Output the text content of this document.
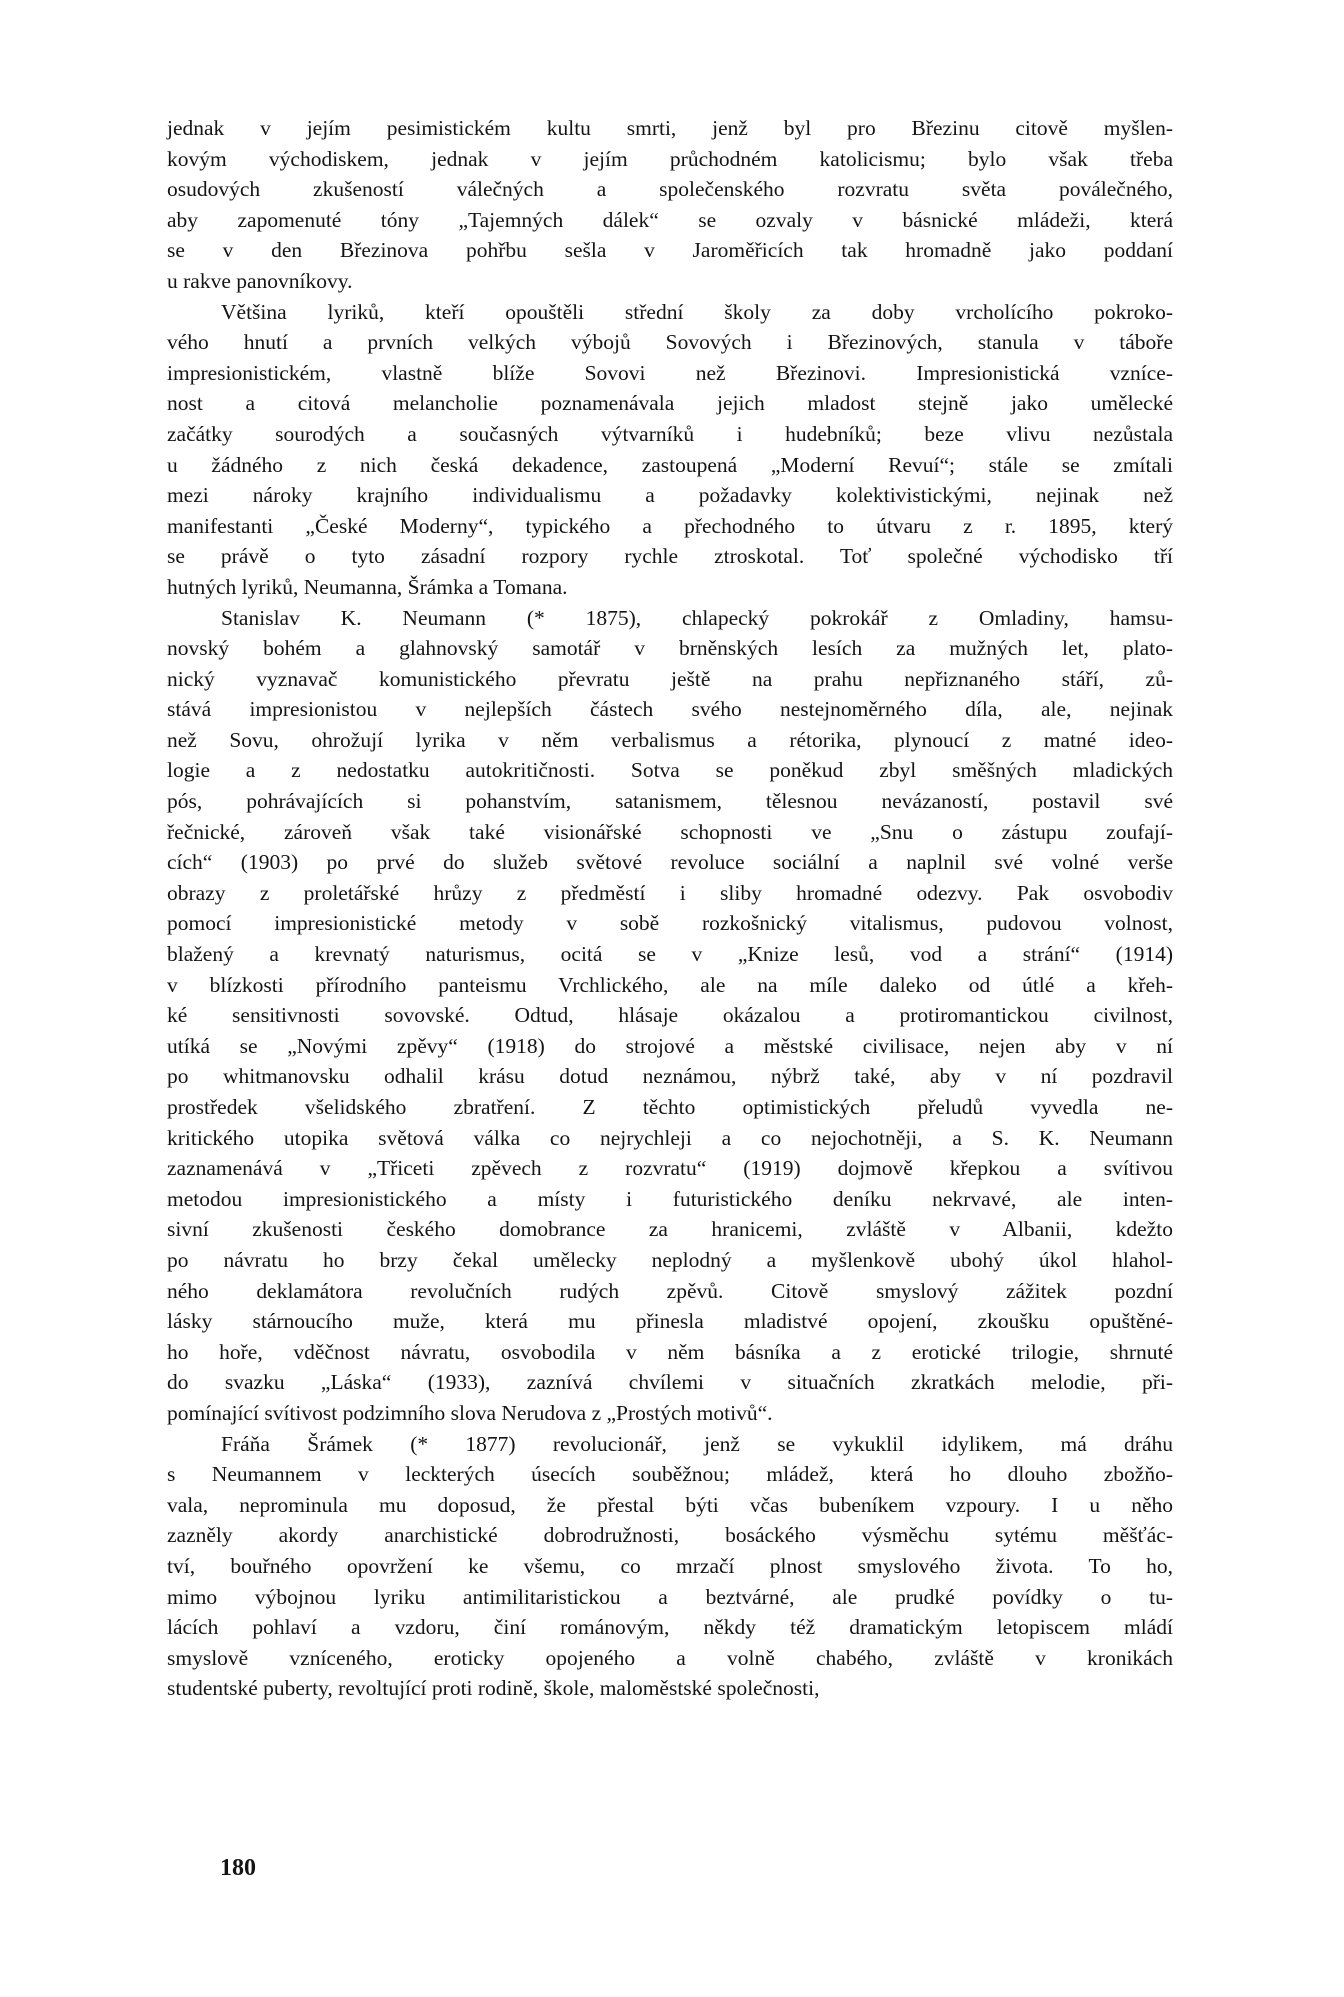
jednak v jejím pesimistickém kultu smrti, jenž byl pro Březinu citově myšlen-
kovým východiskem, jednak v jejím průchodném katolicismu; bylo však třeba
osudových zkušeností válečných a společenského rozvratu světa poválečného,
aby zapomenuté tóny „Tajemných dálek“ se ozvaly v básnické mládeži, která
se v den Březinova pohřbu sešla v Jaroměřicích tak hromadně jako poddaní
u rakve panovníkovy.
Většina lyriků, kteří opouštěli střední školy za doby vrcholícího pokroko-
vého hnutí a prvních velkých výbojů Sovových i Březinových, stanula v táboře
impresionistickém, vlastně blíže Sovovi než Březinovi. Impresionistická vzníce-
nost a citová melancholie poznamenávala jejich mladost stejně jako umělecké
začátky sourodých a současných výtvarníků i hudebníků; beze vlivu nezůstala
u žádného z nich česká dekadence, zastoupená „Moderní Revuí“; stále se zmítali
mezi nároky krajního individualismu a požadavky kolektivistickými, nejinak než
manifestanti „České Moderny“, typického a přechodného to útvaru z r. 1895, který
se právě o tyto zásadní rozpory rychle ztroskotal. Toť společné východisko tří
hutných lyriků, Neumanna, Šrámka a Tomana.
Stanislav K. Neumann (* 1875), chlapecký pokrokář z Omladiny, hamsu-
novský bohém a glahnovský samotář v brněnských lesích za mužných let, plato-
nický vyznavač komunistického převratu ještě na prahu nepřiznaného stáří, zů-
stává impresionistou v nejlepších částech svého nestejnoměrného díla, ale, nejinak
než Sovu, ohrožují lyrika v něm verbalismus a rétorika, plynoucí z matné ideo-
logie a z nedostatku autokritičnosti. Sotva se poněkud zbyl směšných mladických
pós, pohrávajících si pohanstvím, satanismem, tělesnou nevázaností, postavil své
řečnické, zároveň však také visionářské schopnosti ve „Snu o zástupu zoufají-
cích“ (1903) po prvé do služeb světové revoluce sociální a naplnil své volné verše
obrazy z proletářské hrůzy z předměstí i sliby hromadné odezvy. Pak osvobodiv
pomocí impresionistické metody v sobě rozkošnický vitalismus, pudovou volnost,
blažený a krevnatý naturismus, ocitá se v „Knize lesů, vod a strání“ (1914)
v blízkosti přírodního panteismu Vrchlického, ale na míle daleko od útlé a křeh-
ké sensitivnosti sovovské. Odtud, hlásaje okázalou a protiromantickou civilnost,
utíká se „Novými zpěvy“ (1918) do strojové a městské civilisace, nejen aby v ní
po whitmanovsku odhalil krásu dotud neznámou, nýbrž také, aby v ní pozdravil
prostředek všelidského zbratření. Z těchto optimistických přeludů vyvedla ne-
kritického utopika světová válka co nejrychleji a co nejochotněji, a S. K. Neumann
zaznamenává v „Třiceti zpěvech z rozvratu“ (1919) dojmově křepkou a svítivou
metodou impresionistického a místy i futuristického deníku nekrvavé, ale inten-
sivní zkušenosti českého domobrance za hranicemi, zvláště v Albanii, kdežto
po návratu ho brzy čekal umělecky neplodný a myšlenkově ubohý úkol hlahol-
ného deklamátora revolučních rudých zpěvů. Citově smyslový zážitek pozdní
lásky stárnoucího muže, která mu přinesla mladistvé opojení, zkoušku opuštěné-
ho hoře, vděčnost návratu, osvobodila v něm básníka a z erotické trilogie, shrnuté
do svazku „Láska“ (1933), zaznívá chvílemi v situačních zkratkách melodie, při-
pomínající svítivost podzimního slova Nerudova z „Prostých motivů“.
Fráňa Šrámek (* 1877) revolucionář, jenž se vykuklil idylikem, má dráhu
s Neumannem v leckterých úsecích souběžnou; mládež, která ho dlouho zbožňo-
vala, neprominula mu doposud, že přestal býti včas bubeníkem vzpoury. I u něho
zazněly akordy anarchistické dobrodružnosti, bosáckého výsměchu sytému měšťác-
tví, bouřného opovržení ke všemu, co mrzačí plnost smyslového života. To ho,
mimo výbojnou lyriku antimilitaristickou a beztvárné, ale prudké povídky o tu-
lácích pohlaví a vzdoru, činí románovým, někdy též dramatickým letopiscem mládí
smyslově vzníceného, eroticky opojeného a volně chabého, zvláště v kronikách
studentské puberty, revoltující proti rodině, škole, maloměstské společnosti,
180
